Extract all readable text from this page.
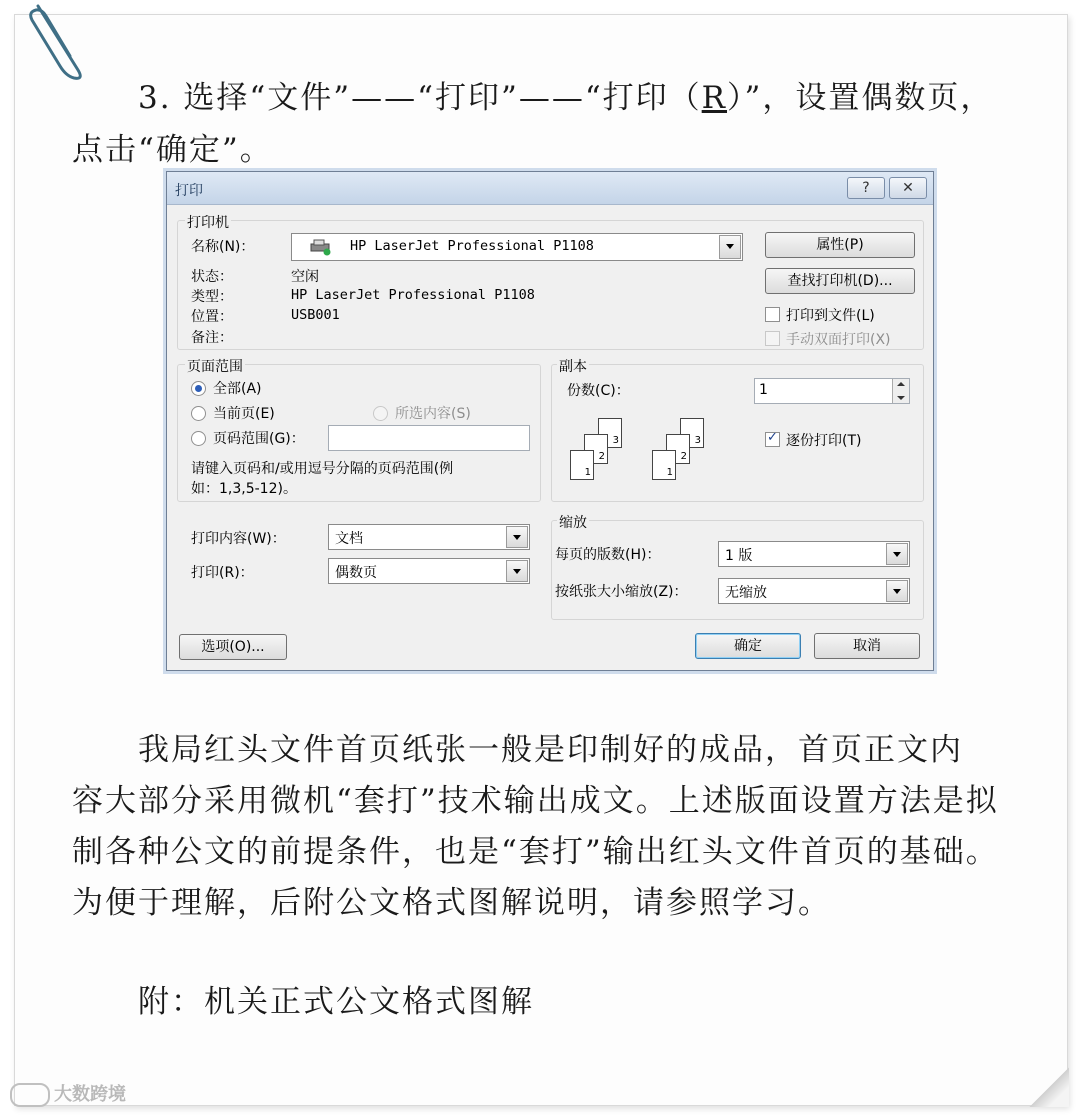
3. 选择“文件”——“打印”——“打印（R）”，设置偶数页，

点击“确定”。

打印	?	✕
打印机
名称(N)：	HP LaserJet Professional P1108	属性(P)
查找打印机(D)...
状态：	空闲
类型：	HP LaserJet Professional P1108
位置：	USB001
备注：
打印到文件(L)
手动双面打印(X)
页面范围
全部(A)
当前页(E)	所选内容(S)
页码范围(G)：
请键入页码和/或用逗号分隔的页码范围(例
如：1,3,5-12)。
副本
份数(C)：	1
3
2
1
3
2
1
✓
逐份打印(T)
打印内容(W)：	文档
打印(R)：	偶数页
缩放
每页的版数(H)：	1 版
按纸张大小缩放(Z)：	无缩放
选项(O)...	确定	取消

我局红头文件首页纸张一般是印制好的成品，首页正文内

容大部分采用微机“套打”技术输出成文。上述版面设置方法是拟

制各种公文的前提条件，也是“套打”输出红头文件首页的基础。

为便于理解，后附公文格式图解说明，请参照学习。

附：机关正式公文格式图解

大数跨境
